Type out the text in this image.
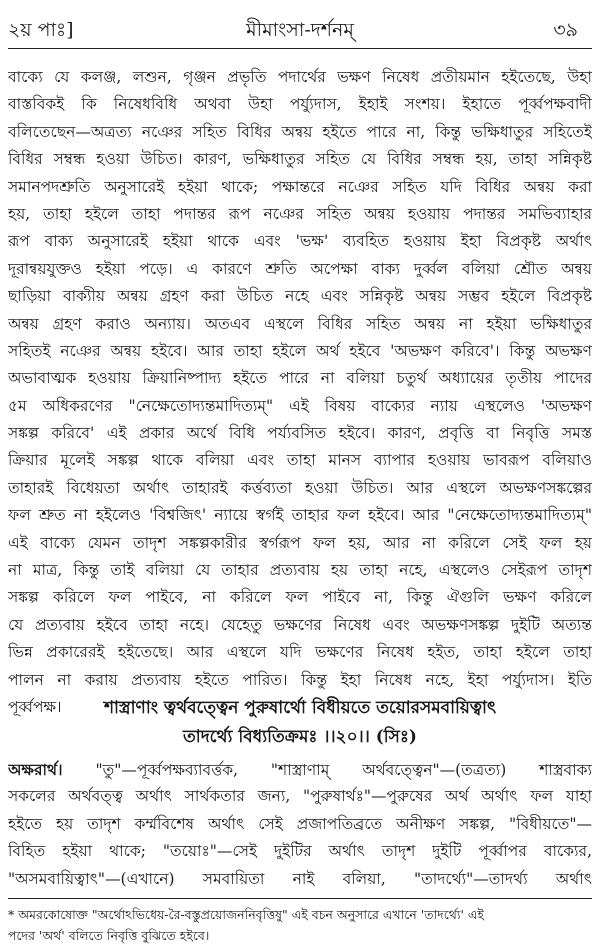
২য় পাঃ]	মীমাংসা-দর্শনম্	৩৯
বাক্যে যে কলঞ্জ, লশুন, গৃঞ্জন প্রভৃতি পদার্থের ভক্ষণ নিষেধ প্রতীয়মান হইতেছে, উহা
বাস্তবিকই কি নিষেধবিধি অথবা উহা পর্য্যুদাস, ইহাই সংশয়। ইহাতে পূর্ব্বপক্ষবাদী
বলিতেছেন—অত্রত্য নঞের সহিত বিধির অন্বয় হইতে পারে না, কিন্তু ভক্ষিধাতুর সহিতেই
বিধির সম্বন্ধ হওয়া উচিত। কারণ, ভক্ষিধাতুর সহিত যে বিধির সম্বন্ধ হয়, তাহা সন্নিকৃষ্ট
সমানপদশ্রুতি অনুসারেই হইয়া থাকে; পক্ষান্তরে নঞের সহিত যদি বিধির অন্বয় করা
হয়, তাহা হইলে তাহা পদান্তর রূপ নঞের সহিত অন্বয় হওয়ায় পদান্তর সমভিব্যাহার
রূপ বাক্য অনুসারেই হইয়া থাকে এবং 'ভক্ষ' ব্যবহিত হওয়ায় ইহা বিপ্রকৃষ্ট অর্থাৎ
দূরান্বয়যুক্তও হইয়া পড়ে। এ কারণে শ্রুতি অপেক্ষা বাক্য দুর্ব্বল বলিয়া শ্রৌত অন্বয়
ছাড়িয়া বাক্যীয় অন্বয় গ্রহণ করা উচিত নহে এবং সন্নিকৃষ্ট অন্বয় সম্ভব হইলে বিপ্রকৃষ্ট
অন্বয় গ্রহণ করাও অন্যায়। অতএব এস্থলে বিধির সহিত অন্বয় না হইয়া ভক্ষিধাতুর
সহিতই নঞের অন্বয় হইবে। আর তাহা হইলে অর্থ হইবে 'অভক্ষণ করিবে'। কিন্তু অভক্ষণ
অভাবাত্মক হওয়ায় ক্রিয়ানিষ্পাদ্য হইতে পারে না বলিয়া চতুর্থ অধ্যায়ের তৃতীয় পাদের
৫ম অধিকরণের "নেক্ষেতোদ্যন্তমাদিত্যম্" এই বিষয় বাক্যের ন্যায় এস্থলেও 'অভক্ষণ
সঙ্কল্প করিবে' এই প্রকার অর্থে বিধি পর্য্যবসিত হইবে। কারণ, প্রবৃত্তি বা নিবৃত্তি সমস্ত
ক্রিয়ার মূলেই সঙ্কল্প থাকে বলিয়া এবং তাহা মানস ব্যাপার হওয়ায় ভাবরূপ বলিয়াও
তাহারই বিধেয়তা অর্থাৎ তাহারই কর্ত্তব্যতা হওয়া উচিত। আর এস্থলে অভক্ষণসঙ্কল্পের
ফল শ্রুত না হইলেও 'বিশ্বজিৎ' ন্যায়ে স্বর্গই তাহার ফল হইবে। আর "নেক্ষেতোদ্যন্তমাদিত্যম্"
এই বাক্যে যেমন তাদৃশ সঙ্কল্পকারীর স্বর্গরূপ ফল হয়, আর না করিলে সেই ফল হয়
না মাত্র, কিন্তু তাই বলিয়া যে তাহার প্রত্যবায় হয় তাহা নহে, এস্থলেও সেইরূপ তাদৃশ
সঙ্কল্প করিলে ফল পাইবে, না করিলে ফল পাইবে না, কিন্তু ঐগুলি ভক্ষণ করিলে
যে প্রত্যবায় হইবে তাহা নহে। যেহেতু ভক্ষণের নিষেধ এবং অভক্ষণসঙ্কল্প দুইটি অত্যন্ত
ভিন্ন প্রকারেরই হইতেছে। আর এস্থলে যদি ভক্ষণের নিষেধ হইত, তাহা হইলে তাহা
পালন না করায় প্রত্যবায় হইতে পারিত। কিন্তু ইহা নিষেধ নহে, ইহা পর্য্যুদাস। ইতি
পূর্ব্বপক্ষ।	শাস্ত্রাণাং ত্বর্থবত্ত্বেন পুরুষার্থো বিধীয়তে তয়োরসমবায়িত্বাৎ
তাদর্থ্যে বিধ্যতিক্রমঃ ।।২০।। (সিঃ)
অক্ষরার্থ। "তু"—পূর্ব্বপক্ষব্যাবর্ত্তক, "শাস্ত্রাণাম্ অর্থবত্ত্বেন"—(তত্রত্য) শাস্ত্রবাক্য
সকলের অর্থবত্ত্ব অর্থাৎ সার্থকতার জন্য, "পুরুষার্থঃ"—পুরুষের অর্থ অর্থাৎ ফল যাহা
হইতে হয় তাদৃশ কর্ম্মবিশেষ অর্থাৎ সেই প্রজাপতিব্রতে অনীক্ষণ সঙ্কল্প, "বিধীয়তে"—
বিহিত হইয়া থাকে; "তয়োঃ"—সেই দুইটির অর্থাৎ তাদৃশ দুইটি পূর্ব্বাপর বাক্যের,
"অসমবায়িত্বাৎ"—(এখানে) সমবায়িতা নাই বলিয়া, "তাদর্থ্যে"—তাদর্থ্য অর্থাৎ
* অমরকোষোক্ত "অর্থোঽভিধেয়-রৈ-বস্তুপ্রয়োজননিবৃত্তিষু" এই বচন অনুসারে এখানে 'তাদর্থ্যে' এই
পদের 'অর্থ' বলিতে নিবৃত্তি বুঝিতে হইবে।
